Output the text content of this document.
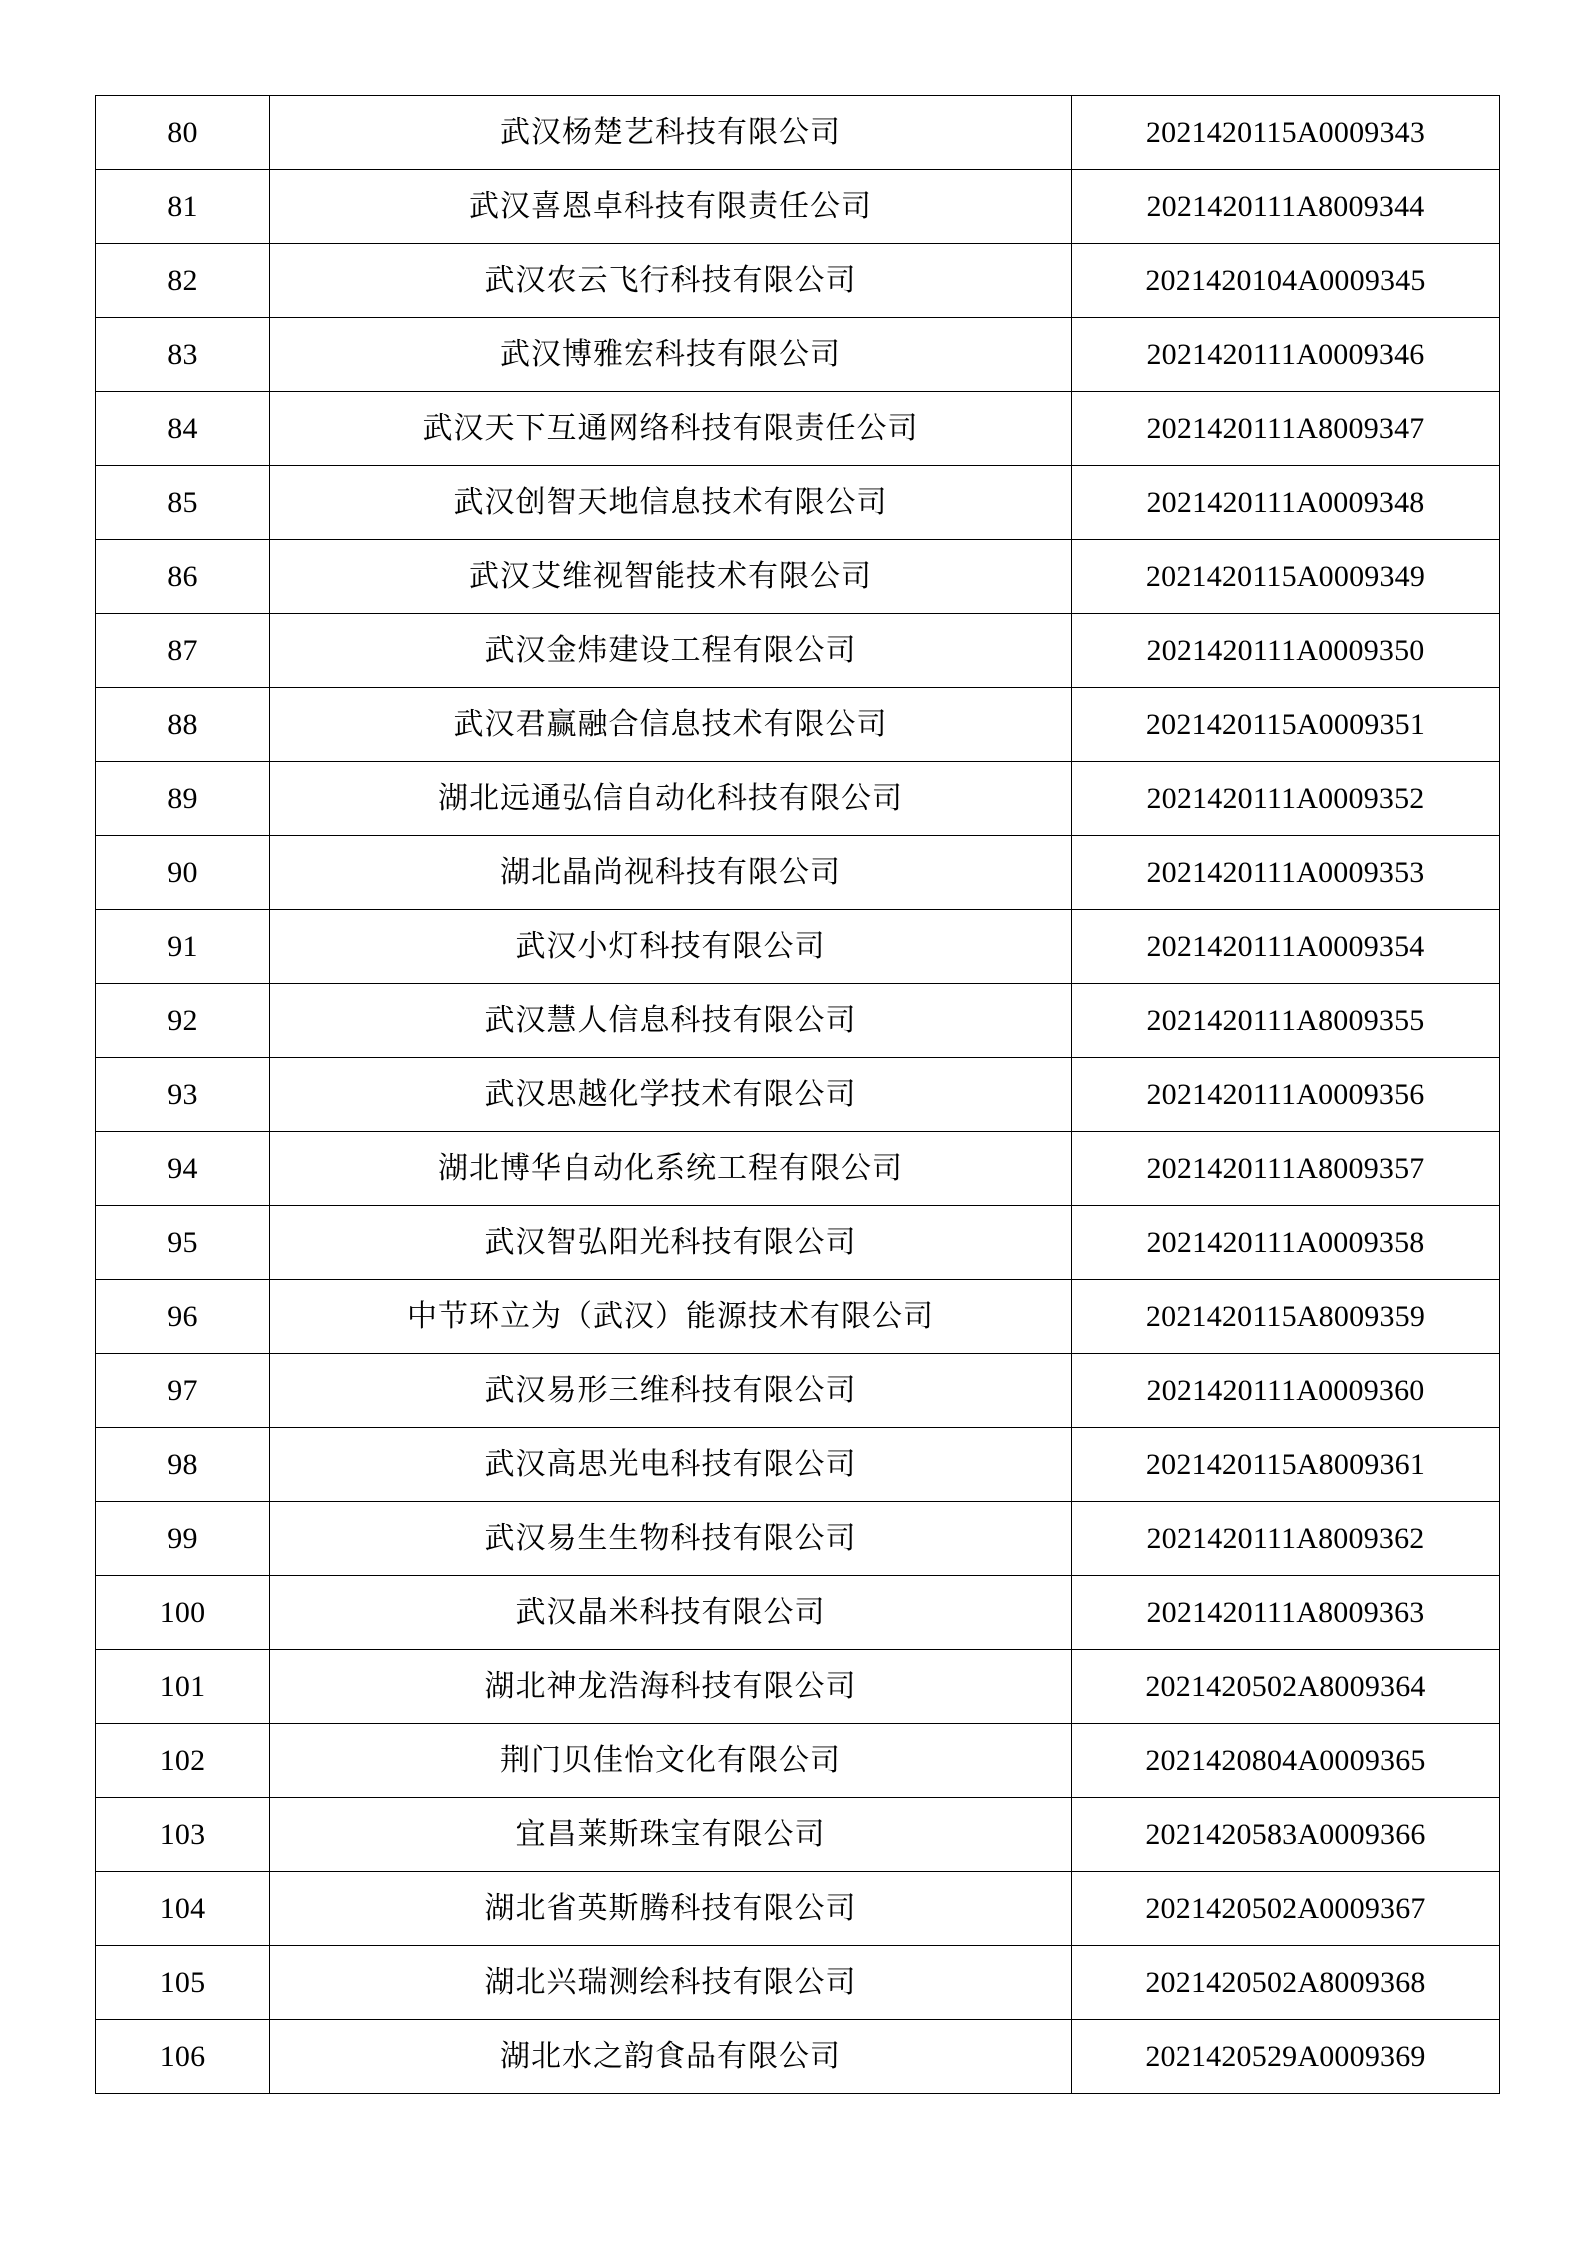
80	武汉杨楚艺科技有限公司	2021420115A0009343
81	武汉喜恩卓科技有限责任公司	2021420111A8009344
82	武汉农云飞行科技有限公司	2021420104A0009345
83	武汉博雅宏科技有限公司	2021420111A0009346
84	武汉天下互通网络科技有限责任公司	2021420111A8009347
85	武汉创智天地信息技术有限公司	2021420111A0009348
86	武汉艾维视智能技术有限公司	2021420115A0009349
87	武汉金炜建设工程有限公司	2021420111A0009350
88	武汉君赢融合信息技术有限公司	2021420115A0009351
89	湖北远通弘信自动化科技有限公司	2021420111A0009352
90	湖北晶尚视科技有限公司	2021420111A0009353
91	武汉小灯科技有限公司	2021420111A0009354
92	武汉慧人信息科技有限公司	2021420111A8009355
93	武汉思越化学技术有限公司	2021420111A0009356
94	湖北博华自动化系统工程有限公司	2021420111A8009357
95	武汉智弘阳光科技有限公司	2021420111A0009358
96	中节环立为（武汉）能源技术有限公司	2021420115A8009359
97	武汉易形三维科技有限公司	2021420111A0009360
98	武汉高思光电科技有限公司	2021420115A8009361
99	武汉易生生物科技有限公司	2021420111A8009362
100	武汉晶米科技有限公司	2021420111A8009363
101	湖北神龙浩海科技有限公司	2021420502A8009364
102	荆门贝佳怡文化有限公司	2021420804A0009365
103	宜昌莱斯珠宝有限公司	2021420583A0009366
104	湖北省英斯腾科技有限公司	2021420502A0009367
105	湖北兴瑞测绘科技有限公司	2021420502A8009368
106	湖北水之韵食品有限公司	2021420529A0009369
